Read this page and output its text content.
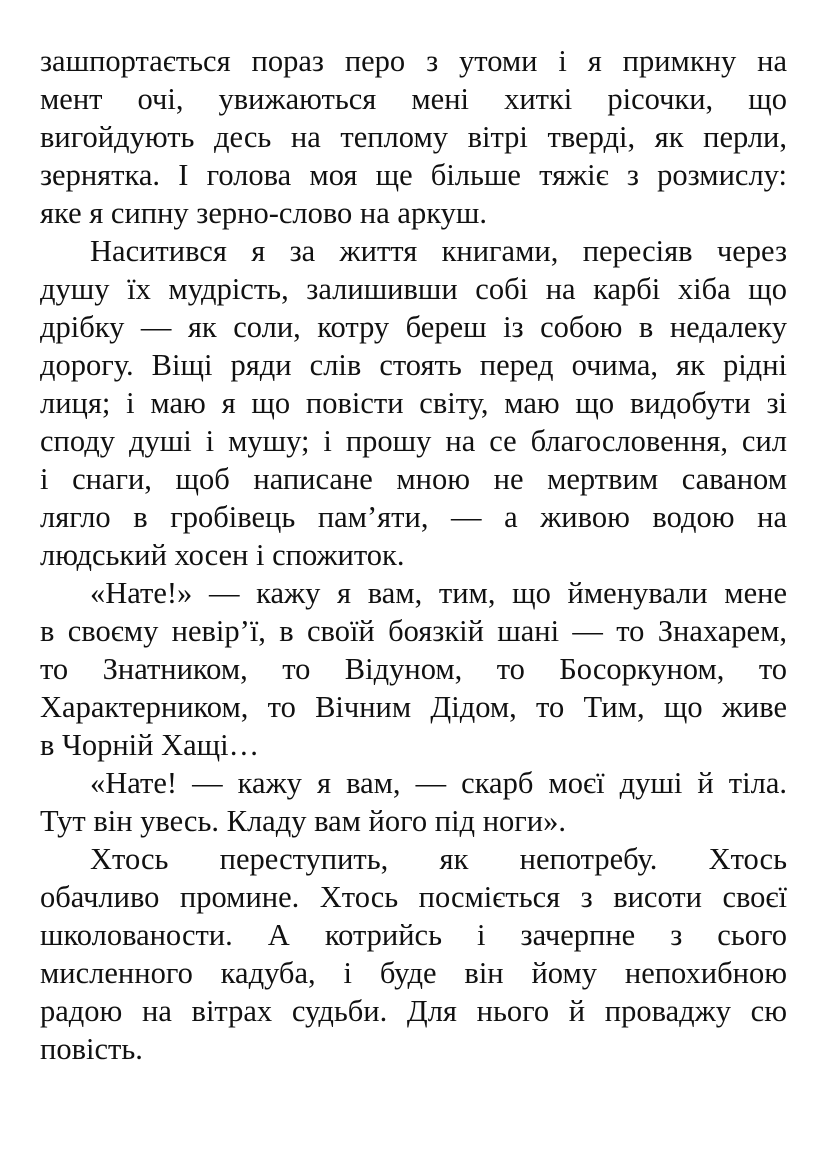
зашпортається пораз перо з утоми і я примкну на
мент очі, увижаються мені хиткі рісочки, що
вигойдують десь на теплому вітрі тверді, як перли,
зернятка. І голова моя ще більше тяжіє з розмислу:
яке я сипну зерно-слово на аркуш.
Наситився я за життя книгами, пересіяв через
душу їх мудрість, залишивши собі на карбі хіба що
дрібку — як соли, котру береш із собою в недалеку
дорогу. Віщі ряди слів стоять перед очима, як рідні
лиця; і маю я що повісти світу, маю що видобути зі
споду душі і мушу; і прошу на се благословення, сил
і снаги, щоб написане мною не мертвим саваном
лягло в гробівець пам’яти, — а живою водою на
людський хосен і спожиток.
«Нате!» — кажу я вам, тим, що йменували мене
в своєму невір’ї, в своїй боязкій шані — то Знахарем,
то Знатником, то Відуном, то Босоркуном, то
Характерником, то Вічним Дідом, то Тим, що живе
в Чорній Хащі…
«Нате! — кажу я вам, — скарб моєї душі й тіла.
Тут він увесь. Кладу вам його під ноги».
Хтось переступить, як непотребу. Хтось
обачливо промине. Хтось посміється з висоти своєї
школованости. А котрийсь і зачерпне з сього
мисленного кадуба, і буде він йому непохибною
радою на вітрах судьби. Для нього й проваджу сю
повість.
